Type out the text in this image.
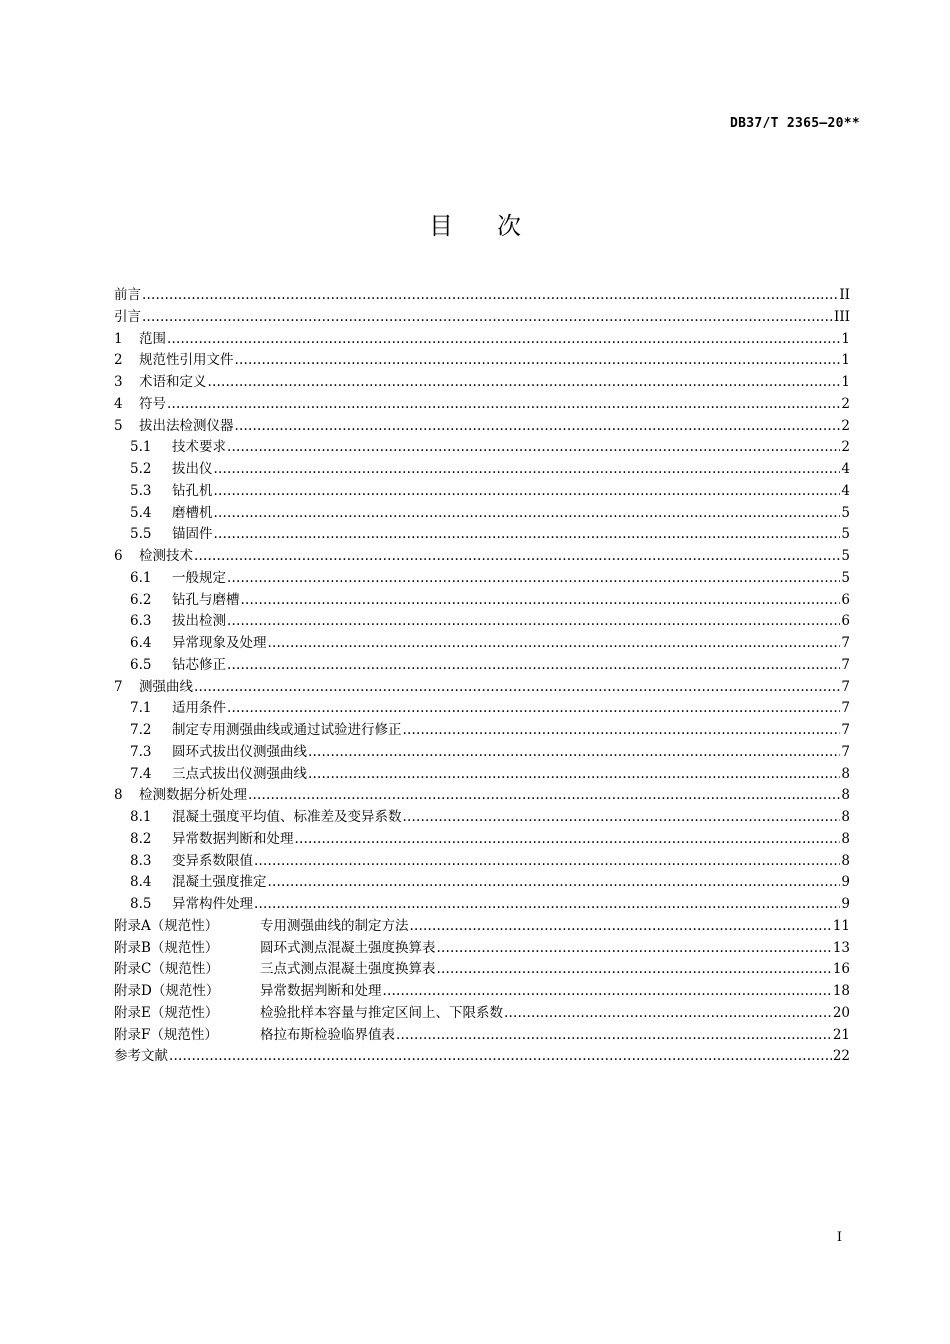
DB37/T 2365—20**
目次
前言 .....	II
引言 .....	III
1	范围 .....	1
2	规范性引用文件 .....	1
3	术语和定义 .....	1
4	符号 .....	2
5	拔出法检测仪器 .....	2
5.1	技术要求 .....	2
5.2	拔出仪 .....	4
5.3	钻孔机 .....	4
5.4	磨槽机 .....	5
5.5	锚固件 .....	5
6	检测技术 .....	5
6.1	一般规定 .....	5
6.2	钻孔与磨槽 .....	6
6.3	拔出检测 .....	6
6.4	异常现象及处理 .....	7
6.5	钻芯修正 .....	7
7	测强曲线 .....	7
7.1	适用条件 .....	7
7.2	制定专用测强曲线或通过试验进行修正 .....	7
7.3	圆环式拔出仪测强曲线 .....	7
7.4	三点式拔出仪测强曲线 .....	8
8	检测数据分析处理 .....	8
8.1	混凝土强度平均值、标准差及变异系数 .....	8
8.2	异常数据判断和处理 .....	8
8.3	变异系数限值 .....	8
8.4	混凝土强度推定 .....	9
8.5	异常构件处理 .....	9
附录A（规范性）	专用测强曲线的制定方法 .....	11
附录B（规范性）	圆环式测点混凝土强度换算表 .....	13
附录C（规范性）	三点式测点混凝土强度换算表 .....	16
附录D（规范性）	异常数据判断和处理 .....	18
附录E（规范性）	检验批样本容量与推定区间上、下限系数 .....	20
附录F（规范性）	格拉布斯检验临界值表 .....	21
参考文献 .....	22
I
